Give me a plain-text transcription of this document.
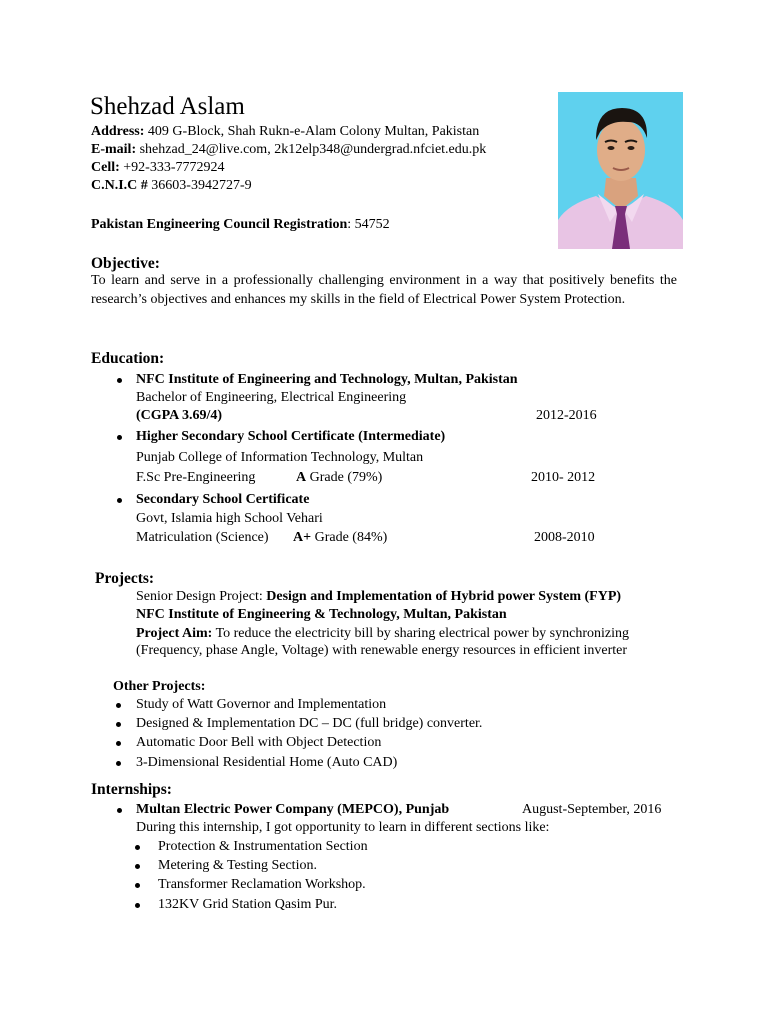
Shehzad Aslam
Address: 409 G-Block, Shah Rukn-e-Alam Colony Multan, Pakistan
E-mail: shehzad_24@live.com, 2k12elp348@undergrad.nfciet.edu.pk
Cell: +92-333-7772924
C.N.I.C # 36603-3942727-9
Pakistan Engineering Council Registration: 54752
Objective:
To learn and serve in a professionally challenging environment in a way that positively benefits the research’s objectives and enhances my skills in the field of Electrical Power System Protection.
Education:
NFC Institute of Engineering and Technology, Multan, Pakistan
Bachelor of Engineering, Electrical Engineering
(CGPA 3.69/4)	2012-2016
Higher Secondary School Certificate (Intermediate)
Punjab College of Information Technology, Multan
F.Sc Pre-Engineering	A Grade (79%)	2010- 2012
Secondary School Certificate
Govt, Islamia high School Vehari
Matriculation (Science) A+ Grade (84%)	2008-2010
Projects:
Senior Design Project: Design and Implementation of Hybrid power System (FYP)
NFC Institute of Engineering & Technology, Multan, Pakistan
Project Aim: To reduce the electricity bill by sharing electrical power by synchronizing
(Frequency, phase Angle, Voltage) with renewable energy resources in efficient inverter
Other Projects:
Study of Watt Governor and Implementation
Designed & Implementation DC – DC (full bridge) converter.
Automatic Door Bell with Object Detection
3-Dimensional Residential Home (Auto CAD)
Internships:
Multan Electric Power Company (MEPCO), Punjab	August-September, 2016
During this internship, I got opportunity to learn in different sections like:
Protection & Instrumentation Section
Metering & Testing Section.
Transformer Reclamation Workshop.
132KV Grid Station Qasim Pur.
